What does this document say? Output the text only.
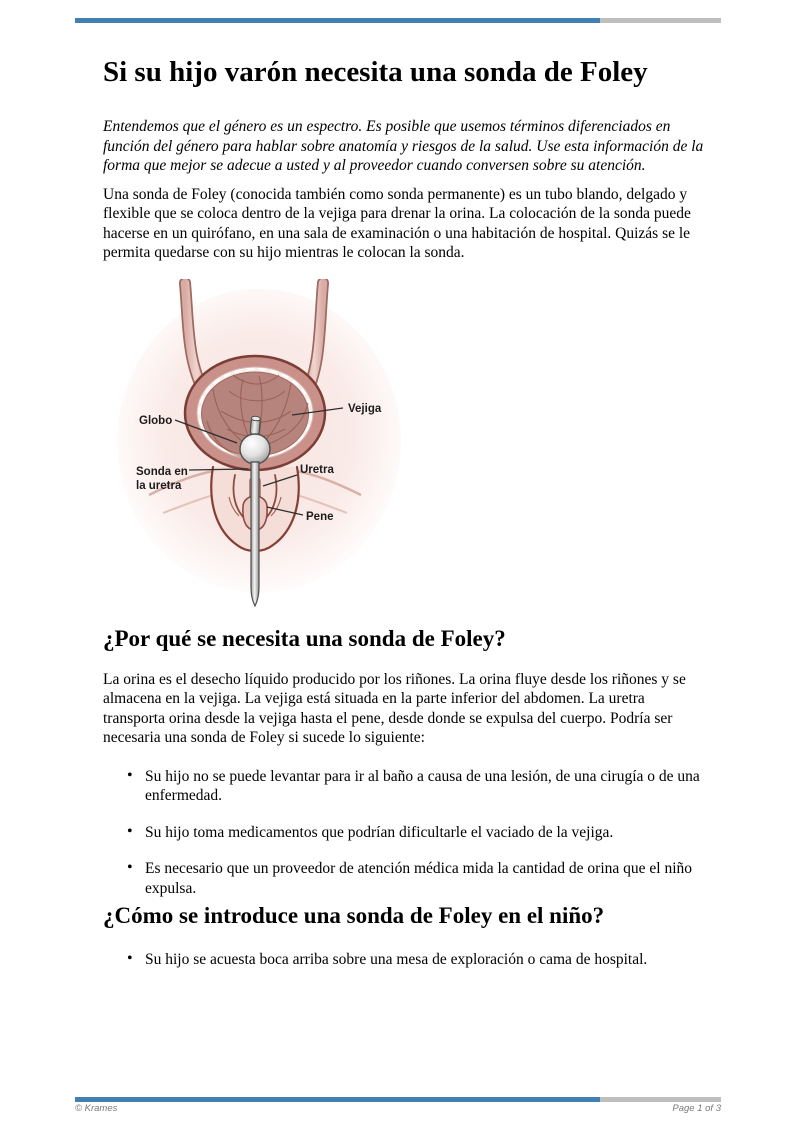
Si su hijo varón necesita una sonda de Foley

Entendemos que el género es un espectro. Es posible que usemos términos diferenciados en función del género para hablar sobre anatomía y riesgos de la salud. Use esta información de la forma que mejor se adecue a usted y al proveedor cuando conversen sobre su atención.

Una sonda de Foley (conocida también como sonda permanente) es un tubo blando, delgado y flexible que se coloca dentro de la vejiga para drenar la orina. La colocación de la sonda puede hacerse en un quirófano, en una sala de examinación o una habitación de hospital. Quizás se le permita quedarse con su hijo mientras le colocan la sonda.

Globo
Vejiga
Sonda en
la uretra
Uretra
Pene
¿Por qué se necesita una sonda de Foley?

La orina es el desecho líquido producido por los riñones. La orina fluye desde los riñones y se almacena en la vejiga. La vejiga está situada en la parte inferior del abdomen. La uretra transporta orina desde la vejiga hasta el pene, desde donde se expulsa del cuerpo. Podría ser necesaria una sonda de Foley si sucede lo siguiente:

• Su hijo no se puede levantar para ir al baño a causa de una lesión, de una cirugía o de una enfermedad.
• Su hijo toma medicamentos que podrían dificultarle el vaciado de la vejiga.
• Es necesario que un proveedor de atención médica mida la cantidad de orina que el niño expulsa.
¿Cómo se introduce una sonda de Foley en el niño?
• Su hijo se acuesta boca arriba sobre una mesa de exploración o cama de hospital.
© Krames	Page 1 of 3
